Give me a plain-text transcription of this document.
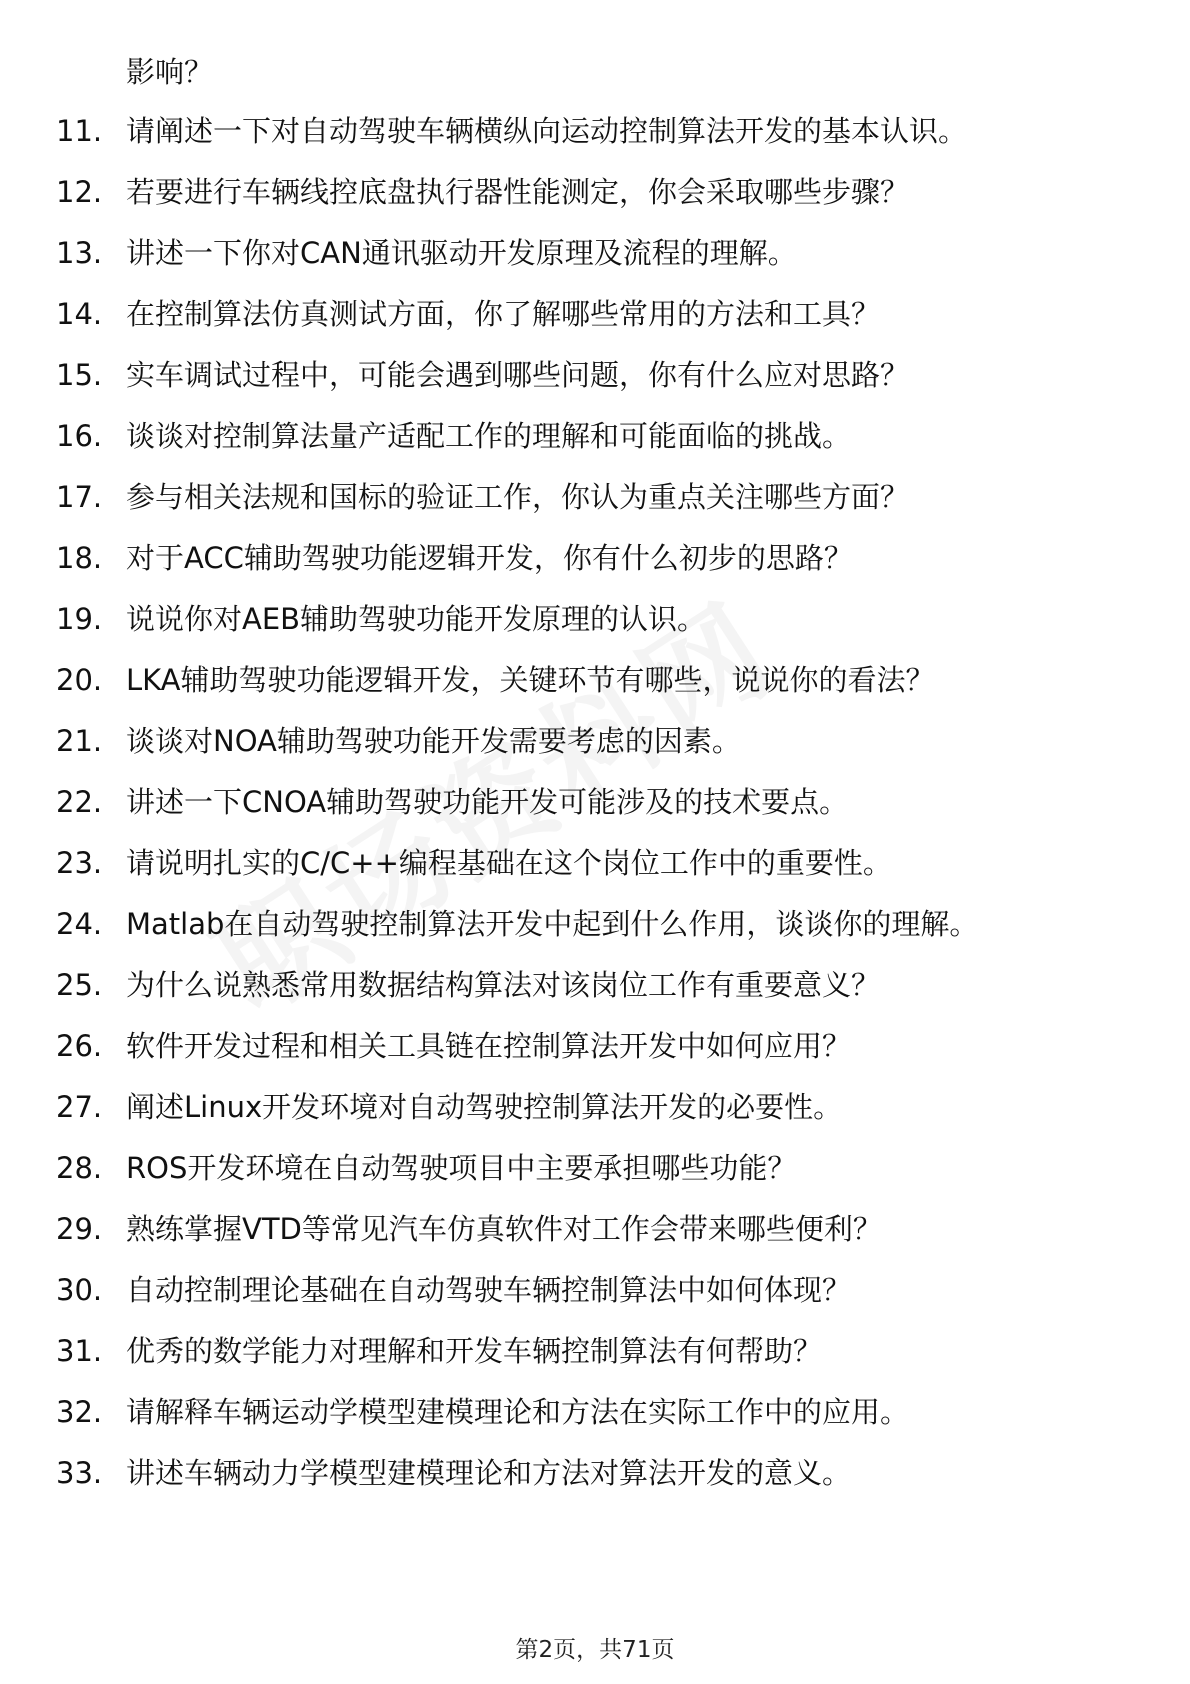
影响？
11. 请阐述一下对自动驾驶车辆横纵向运动控制算法开发的基本认识。
12. 若要进行车辆线控底盘执行器性能测定，你会采取哪些步骤？
13. 讲述一下你对CAN通讯驱动开发原理及流程的理解。
14. 在控制算法仿真测试方面，你了解哪些常用的方法和工具？
15. 实车调试过程中，可能会遇到哪些问题，你有什么应对思路？
16. 谈谈对控制算法量产适配工作的理解和可能面临的挑战。
17. 参与相关法规和国标的验证工作，你认为重点关注哪些方面？
18. 对于ACC辅助驾驶功能逻辑开发，你有什么初步的思路？
19. 说说你对AEB辅助驾驶功能开发原理的认识。
20. LKA辅助驾驶功能逻辑开发，关键环节有哪些，说说你的看法？
21. 谈谈对NOA辅助驾驶功能开发需要考虑的因素。
22. 讲述一下CNOA辅助驾驶功能开发可能涉及的技术要点。
23. 请说明扎实的C/C++编程基础在这个岗位工作中的重要性。
24. Matlab在自动驾驶控制算法开发中起到什么作用，谈谈你的理解。
25. 为什么说熟悉常用数据结构算法对该岗位工作有重要意义？
26. 软件开发过程和相关工具链在控制算法开发中如何应用？
27. 阐述Linux开发环境对自动驾驶控制算法开发的必要性。
28. ROS开发环境在自动驾驶项目中主要承担哪些功能？
29. 熟练掌握VTD等常见汽车仿真软件对工作会带来哪些便利？
30. 自动控制理论基础在自动驾驶车辆控制算法中如何体现？
31. 优秀的数学能力对理解和开发车辆控制算法有何帮助？
32. 请解释车辆运动学模型建模理论和方法在实际工作中的应用。
33. 讲述车辆动力学模型建模理论和方法对算法开发的意义。
第2页，共71页
